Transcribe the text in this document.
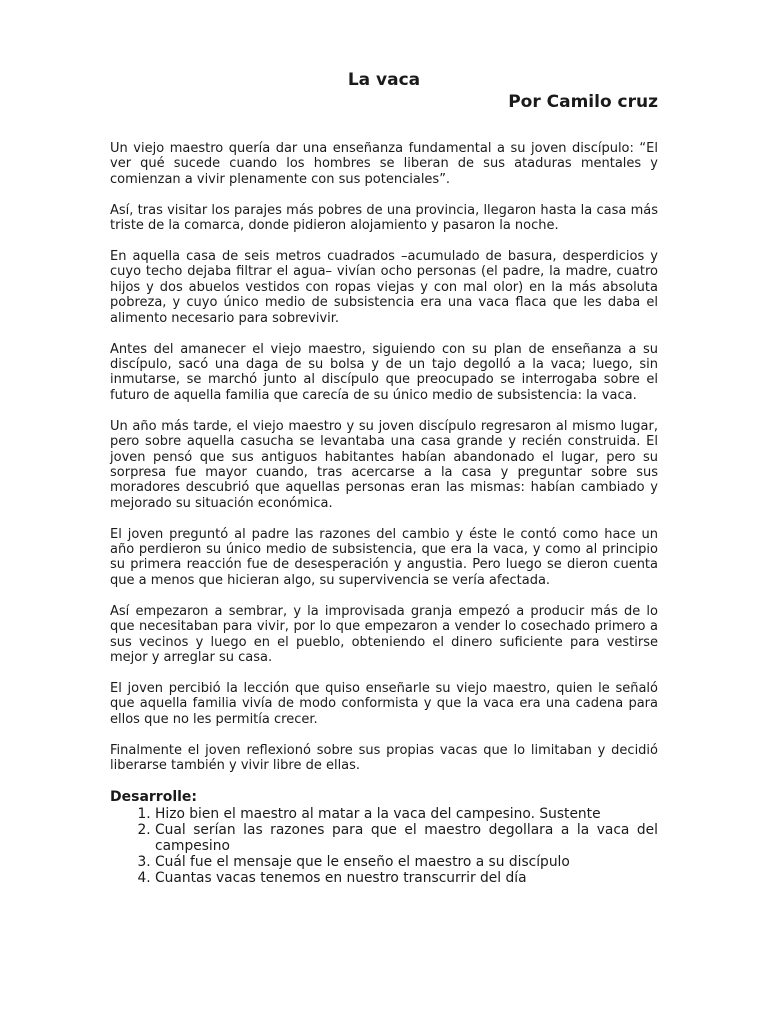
La vaca
Por Camilo cruz

Un viejo maestro quería dar una enseñanza fundamental a su joven discípulo: “El ver qué sucede cuando los hombres se liberan de sus ataduras mentales y comienzan a vivir plenamente con sus potenciales”.

Así, tras visitar los parajes más pobres de una provincia, llegaron hasta la casa más triste de la comarca, donde pidieron alojamiento y pasaron la noche.

En aquella casa de seis metros cuadrados –acumulado de basura, desperdicios y cuyo techo dejaba filtrar el agua– vivían ocho personas (el padre, la madre, cuatro hijos y dos abuelos vestidos con ropas viejas y con mal olor) en la más absoluta pobreza, y cuyo único medio de subsistencia era una vaca flaca que les daba el alimento necesario para sobrevivir.

Antes del amanecer el viejo maestro, siguiendo con su plan de enseñanza a su discípulo, sacó una daga de su bolsa y de un tajo degolló a la vaca; luego, sin inmutarse, se marchó junto al discípulo que preocupado se interrogaba sobre el futuro de aquella familia que carecía de su único medio de subsistencia: la vaca.

Un año más tarde, el viejo maestro y su joven discípulo regresaron al mismo lugar, pero sobre aquella casucha se levantaba una casa grande y recién construida. El joven pensó que sus antiguos habitantes habían abandonado el lugar, pero su sorpresa fue mayor cuando, tras acercarse a la casa y preguntar sobre sus moradores descubrió que aquellas personas eran las mismas: habían cambiado y mejorado su situación económica.

El joven preguntó al padre las razones del cambio y éste le contó como hace un año perdieron su único medio de subsistencia, que era la vaca, y como al principio su primera reacción fue de desesperación y angustia. Pero luego se dieron cuenta que a menos que hicieran algo, su supervivencia se vería afectada.

Así empezaron a sembrar, y la improvisada granja empezó a producir más de lo que necesitaban para vivir, por lo que empezaron a vender lo cosechado primero a sus vecinos y luego en el pueblo, obteniendo el dinero suficiente para vestirse mejor y arreglar su casa.

El joven percibió la lección que quiso enseñarle su viejo maestro, quien le señaló que aquella familia vivía de modo conformista y que la vaca era una cadena para ellos que no les permitía crecer.

Finalmente el joven reflexionó sobre sus propias vacas que lo limitaban y decidió liberarse también y vivir libre de ellas.

Desarrolle:
1. Hizo bien el maestro al matar a la vaca del campesino. Sustente
2. Cual serían las razones para que el maestro degollara a la vaca del campesino
3. Cuál fue el mensaje que le enseño el maestro a su discípulo
4. Cuantas vacas tenemos en nuestro transcurrir del día
